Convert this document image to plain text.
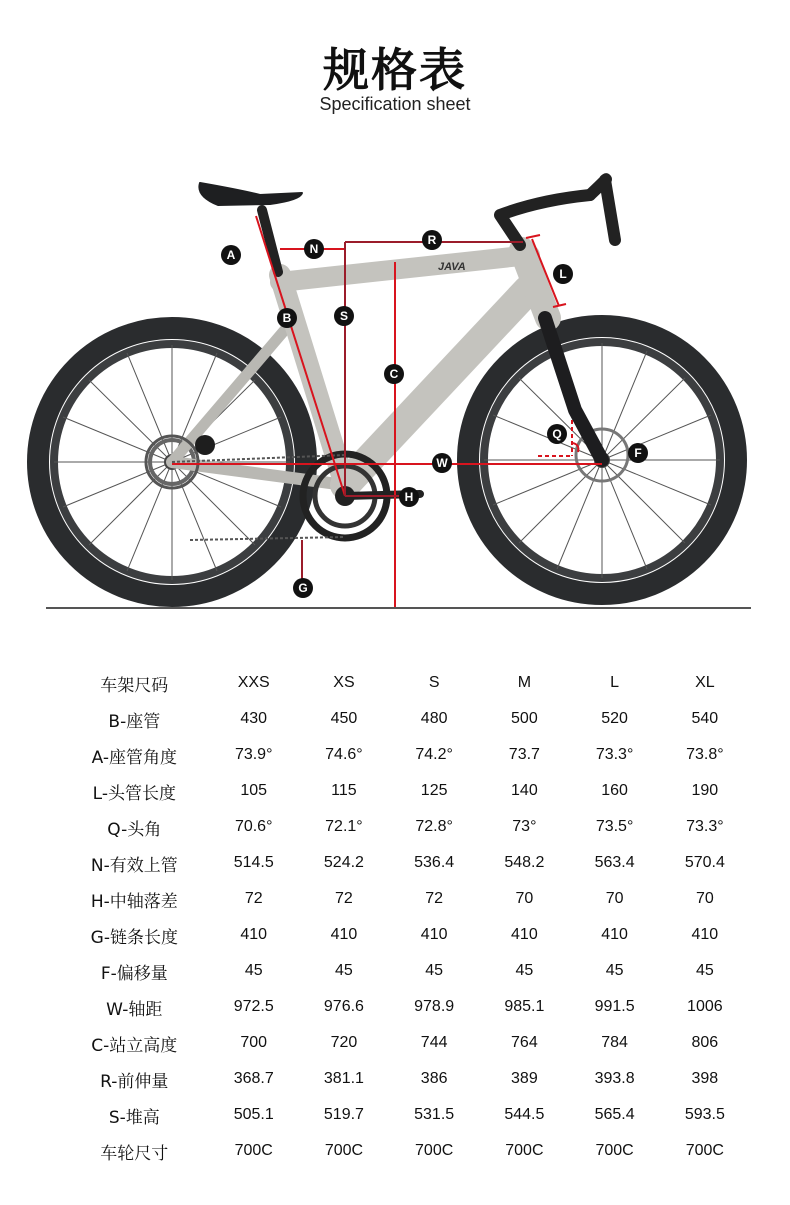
规格表
Specification sheet
JAVA
A
B
C
F
G
H
L
N
Q
R
S
W
车架尺码	XXS	XS	S	M	L	XL
B-座管	430	450	480	500	520	540
A-座管角度	73.9°	74.6°	74.2°	73.7	73.3°	73.8°
L-头管长度	105	115	125	140	160	190
Q-头角	70.6°	72.1°	72.8°	73°	73.5°	73.3°
N-有效上管	514.5	524.2	536.4	548.2	563.4	570.4
H-中轴落差	72	72	72	70	70	70
G-链条长度	410	410	410	410	410	410
F-偏移量	45	45	45	45	45	45
W-轴距	972.5	976.6	978.9	985.1	991.5	1006
C-站立高度	700	720	744	764	784	806
R-前伸量	368.7	381.1	386	389	393.8	398
S-堆高	505.1	519.7	531.5	544.5	565.4	593.5
车轮尺寸	700C	700C	700C	700C	700C	700C
